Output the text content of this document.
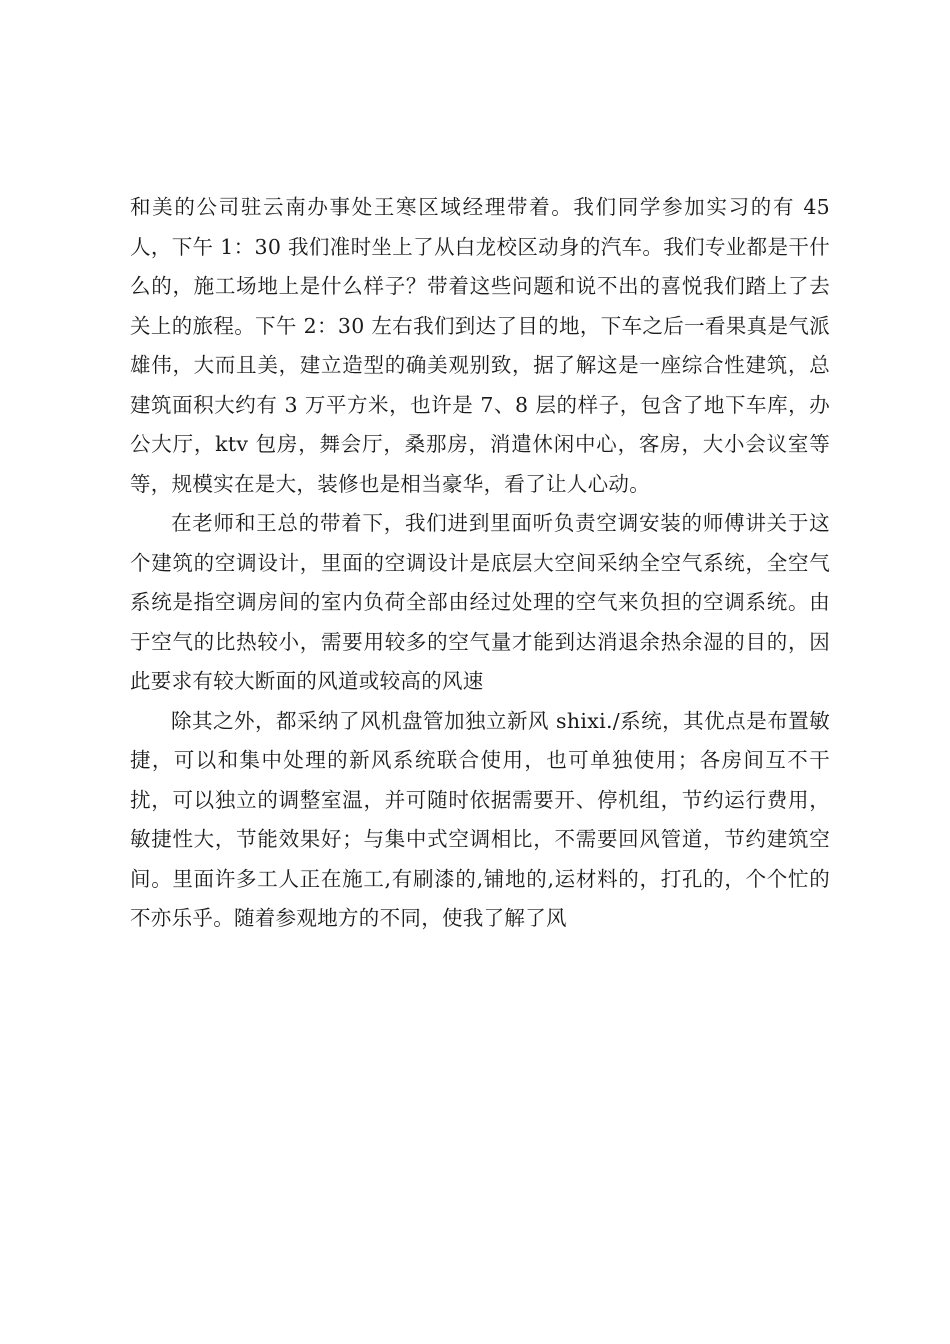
和美的公司驻云南办事处王寒区域经理带着。我们同学参加实习的有 45 人，下午 1：30 我们准时坐上了从白龙校区动身的汽车。我们专业都是干什么的，施工场地上是什么样子？带着这些问题和说不出的喜悦我们踏上了去关上的旅程。下午 2：30 左右我们到达了目的地，下车之后一看果真是气派雄伟，大而且美，建立造型的确美观别致，据了解这是一座综合性建筑，总建筑面积大约有 3 万平方米，也许是 7、8 层的样子，包含了地下车库，办公大厅，ktv 包房，舞会厅，桑那房，消遣休闲中心，客房，大小会议室等等，规模实在是大，装修也是相当豪华，看了让人心动。

在老师和王总的带着下，我们进到里面听负责空调安装的师傅讲关于这个建筑的空调设计，里面的空调设计是底层大空间采纳全空气系统，全空气系统是指空调房间的室内负荷全部由经过处理的空气来负担的空调系统。由于空气的比热较小，需要用较多的空气量才能到达消退余热余湿的目的，因此要求有较大断面的风道或较高的风速

除其之外，都采纳了风机盘管加独立新风 shixi./系统，其优点是布置敏捷，可以和集中处理的新风系统联合使用，也可单独使用；各房间互不干扰，可以独立的调整室温，并可随时依据需要开、停机组，节约运行费用，敏捷性大，节能效果好；与集中式空调相比，不需要回风管道，节约建筑空间。里面许多工人正在施工,有刷漆的,铺地的,运材料的，打孔的，个个忙的不亦乐乎。随着参观地方的不同，使我了解了风
